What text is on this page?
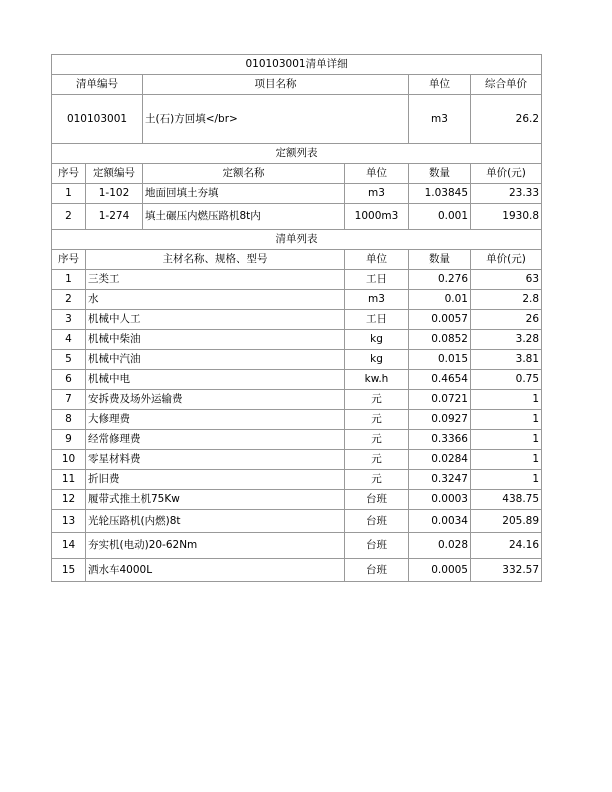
010103001清单详细						
清单编号		项目名称		单位	综合单价	
010103001		土(石)方回填</br>		m3	26.2	
定额列表						
序号	定额编号	定额名称	单位	数量	单价(元)	
1	1-102	地面回填土夯填	m3	1.03845	23.33	
2	1-274	填土碾压内燃压路机8t内	1000m3	0.001	1930.8	
清单列表						
序号	主材名称、规格、型号		单位	数量	单价(元)	
1	三类工		工日	0.276	63	
2	水		m3	0.01	2.8	
3	机械中人工		工日	0.0057	26	
4	机械中柴油		kg	0.0852	3.28	
5	机械中汽油		kg	0.015	3.81	
6	机械中电		kw.h	0.4654	0.75	
7	安拆费及场外运输费		元	0.0721	1	
8	大修理费		元	0.0927	1	
9	经常修理费		元	0.3366	1	
10	零星材料费		元	0.0284	1	
11	折旧费		元	0.3247	1	
12	履带式推土机75Kw		台班	0.0003	438.75	
13	光轮压路机(内燃)8t		台班	0.0034	205.89	
14	夯实机(电动)20-62Nm		台班	0.028	24.16	
15	洒水车4000L		台班	0.0005	332.57	
